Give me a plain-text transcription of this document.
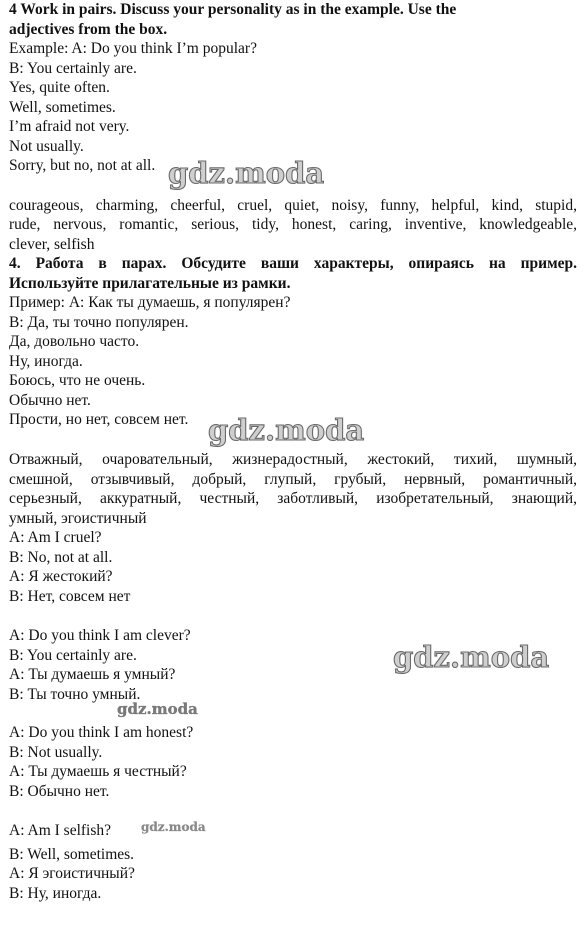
4 Work in pairs. Discuss your personality as in the example. Use the
adjectives from the box.
Example: A: Do you think I’m popular?
B: You certainly are.
Yes, quite often.
Well, sometimes.
I’m afraid not very.
Not usually.
Sorry, but no, not at all. gdz.moda
courageous, charming, cheerful, cruel, quiet, noisy, funny, helpful, kind, stupid,
rude, nervous, romantic, serious, tidy, honest, caring, inventive, knowledgeable,
clever, selfish
4. Работа в парах. Обсудите ваши характеры, опираясь на пример.
Используйте прилагательные из рамки.
Пример: А: Как ты думаешь, я популярен?
В: Да, ты точно популярен.
Да, довольно часто.
Ну, иногда.
Боюсь, что не очень.
Обычно нет.
Прости, но нет, совсем нет. gdz.moda
Отважный, очаровательный, жизнерадостный, жестокий, тихий, шумный,
смешной, отзывчивый, добрый, глупый, грубый, нервный, романтичный,
серьезный, аккуратный, честный, заботливый, изобретательный, знающий,
умный, эгоистичный
A: Am I cruel?
B: No, not at all.
А: Я жестокий?
В: Нет, совсем нет
A: Do you think I am clever?
B: You certainly are.
А: Ты думаешь я умный?
В: Ты точно умный.
gdz.moda
gdz.moda
A: Do you think I am honest?
B: Not usually.
А: Ты думаешь я честный?
В: Обычно нет.
A: Am I selfish? gdz.moda
B: Well, sometimes.
А: Я эгоистичный?
В: Ну, иногда.
